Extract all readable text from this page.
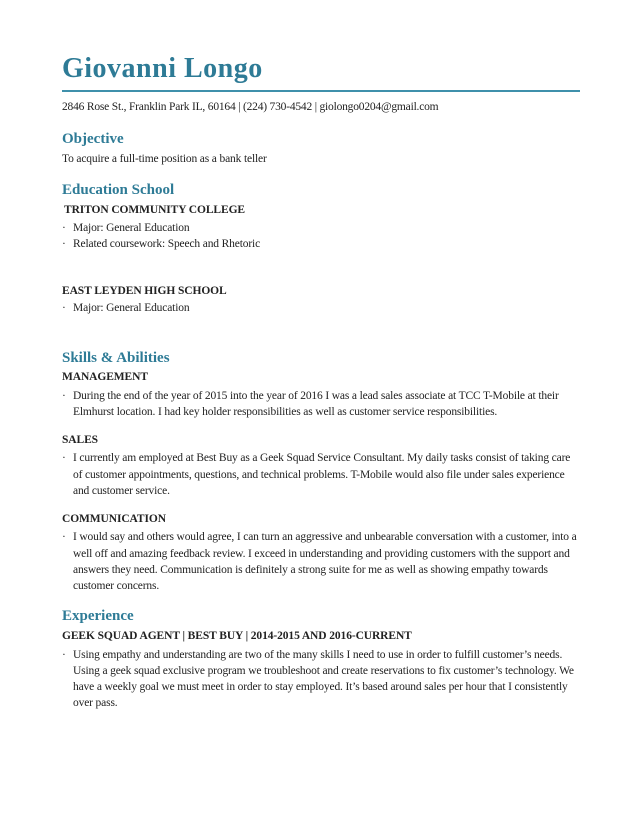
Giovanni Longo
2846 Rose St., Franklin Park IL, 60164 | (224) 730-4542 | giolongo0204@gmail.com
Objective
To acquire a full-time position as a bank teller
Education School
TRITON COMMUNITY COLLEGE
· Major: General Education
· Related coursework: Speech and Rhetoric
EAST LEYDEN HIGH SCHOOL
· Major: General Education
Skills & Abilities
MANAGEMENT
· During the end of the year of 2015 into the year of 2016 I was a lead sales associate at TCC T-Mobile at their Elmhurst location. I had key holder responsibilities as well as customer service responsibilities.
SALES
· I currently am employed at Best Buy as a Geek Squad Service Consultant. My daily tasks consist of taking care of customer appointments, questions, and technical problems. T-Mobile would also file under sales experience and customer service.
COMMUNICATION
· I would say and others would agree, I can turn an aggressive and unbearable conversation with a customer, into a well off and amazing feedback review. I exceed in understanding and providing customers with the support and answers they need. Communication is definitely a strong suite for me as well as showing empathy towards customer concerns.
Experience
GEEK SQUAD AGENT | BEST BUY | 2014-2015 AND 2016-CURRENT
· Using empathy and understanding are two of the many skills I need to use in order to fulfill customer’s needs. Using a geek squad exclusive program we troubleshoot and create reservations to fix customer’s technology. We have a weekly goal we must meet in order to stay employed. It’s based around sales per hour that I consistently over pass.
